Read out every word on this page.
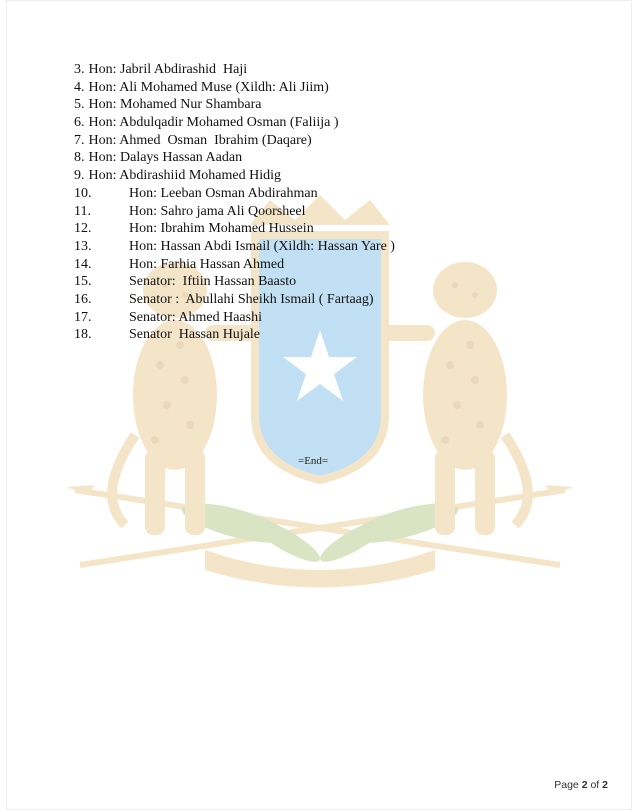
3. Hon: Jabril Abdirashid  Haji
4. Hon: Ali Mohamed Muse (Xildh: Ali Jiim)
5. Hon: Mohamed Nur Shambara
6. Hon: Abdulqadir Mohamed Osman (Faliija )
7. Hon: Ahmed  Osman  Ibrahim (Daqare)
8. Hon: Dalays Hassan Aadan
9. Hon: Abdirashiid Mohamed Hidig
10.	Hon: Leeban Osman Abdirahman
11.	Hon: Sahro jama Ali Qoorsheel
12.	Hon: Ibrahim Mohamed Hussein
13.	Hon: Hassan Abdi Ismail (Xildh: Hassan Yare )
14.	Hon: Farhia Hassan Ahmed
15.	Senator:  Iftiin Hassan Baasto
16.	Senator :  Abullahi Sheikh Ismail ( Fartaag)
17.	Senator: Ahmed Haashi
18.	Senator  Hassan Hujale
=End=
Page 2 of 2
